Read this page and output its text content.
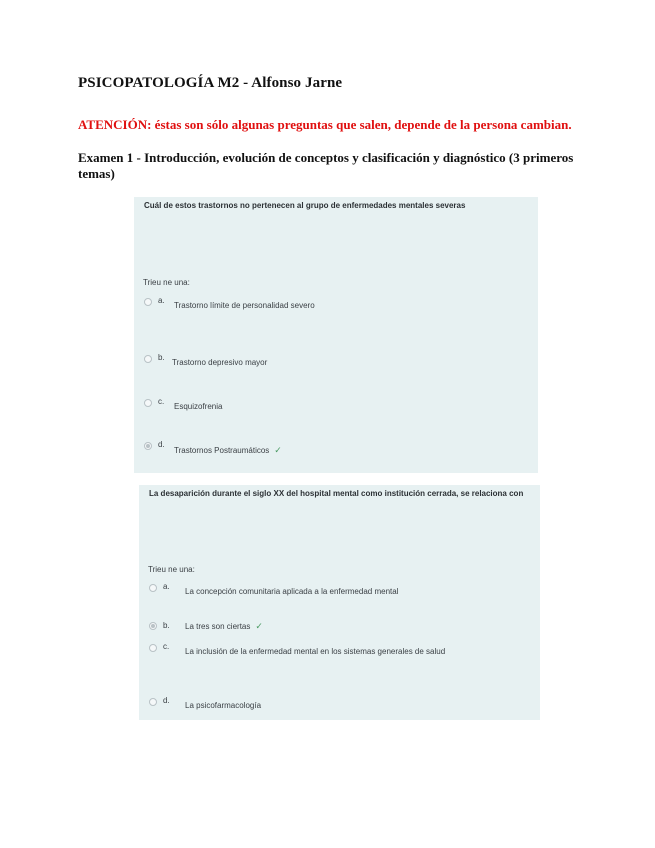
PSICOPATOLOGÍA M2 - Alfonso Jarne
ATENCIÓN: éstas son sólo algunas preguntas que salen, depende de la persona cambian.
Examen 1 - Introducción, evolución de conceptos y clasificación y diagnóstico (3 primeros temas)
Cuál de estos trastornos no pertenecen al grupo de enfermedades mentales severas
Trieu ne una:
a.
Trastorno límite de personalidad severo
b.
Trastorno depresivo mayor
c.
Esquizofrenia
d.
Trastornos Postraumáticos ✓
La desaparición durante el siglo XX del hospital mental como institución cerrada, se relaciona con
Trieu ne una:
a.
La concepción comunitaria aplicada a la enfermedad mental
b. La tres son ciertas ✓
c.
La inclusión de la enfermedad mental en los sistemas generales de salud
d.
La psicofarmacología
